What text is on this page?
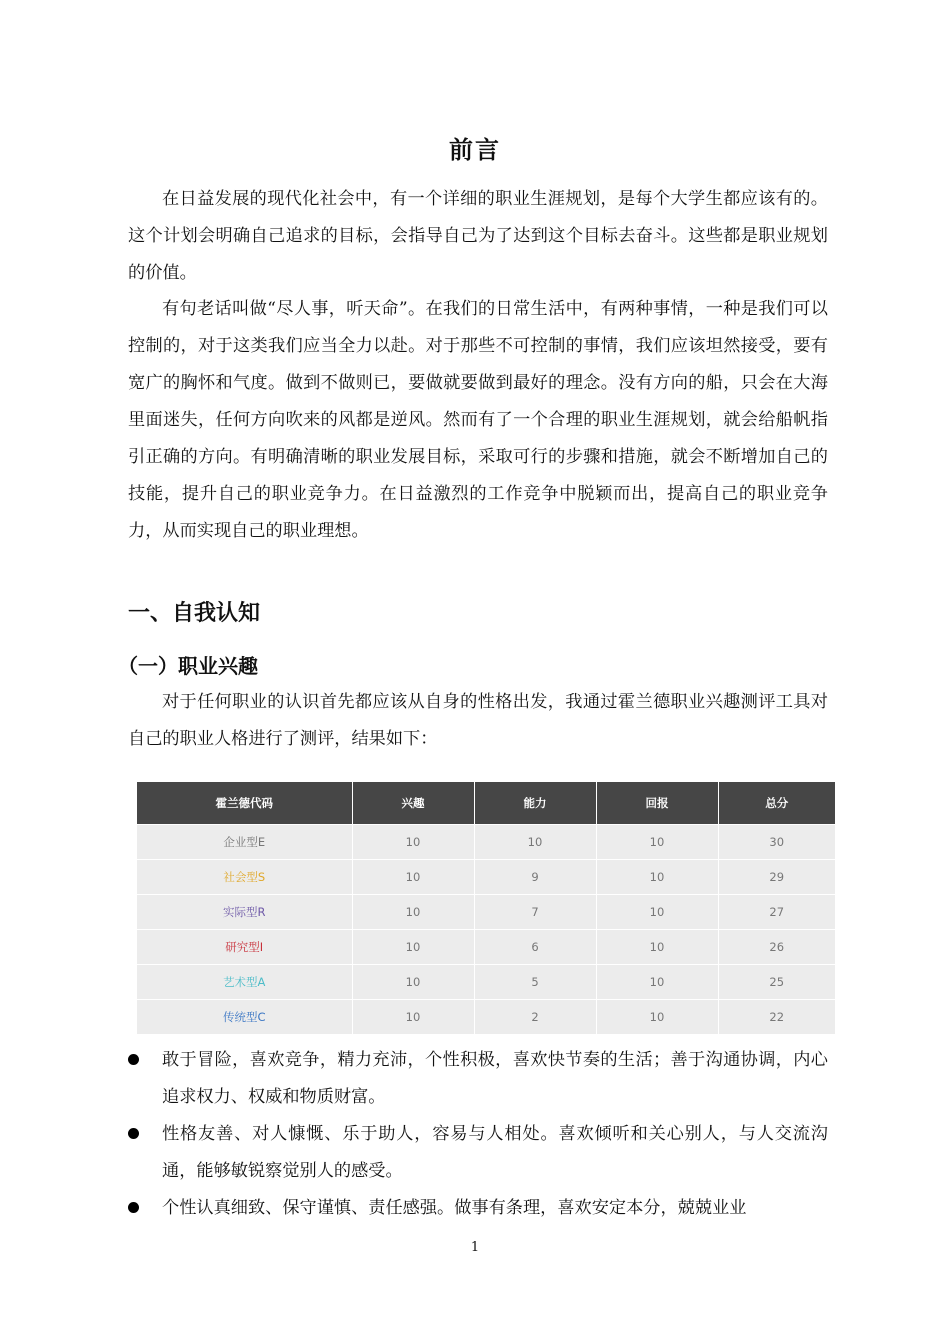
前言

在日益发展的现代化社会中，有一个详细的职业生涯规划，是每个大学生都应该有的。这个计划会明确自己追求的目标，会指导自己为了达到这个目标去奋斗。这些都是职业规划的价值。

有句老话叫做“尽人事，听天命”。在我们的日常生活中，有两种事情，一种是我们可以控制的，对于这类我们应当全力以赴。对于那些不可控制的事情，我们应该坦然接受，要有宽广的胸怀和气度。做到不做则已，要做就要做到最好的理念。没有方向的船，只会在大海里面迷失，任何方向吹来的风都是逆风。然而有了一个合理的职业生涯规划，就会给船帆指引正确的方向。有明确清晰的职业发展目标，采取可行的步骤和措施，就会不断增加自己的技能，提升自己的职业竞争力。在日益激烈的工作竞争中脱颖而出，提高自己的职业竞争力，从而实现自己的职业理想。

一、自我认知
（一）职业兴趣

对于任何职业的认识首先都应该从自身的性格出发，我通过霍兰德职业兴趣测评工具对自己的职业人格进行了测评，结果如下：

霍兰德代码	兴趣	能力	回报	总分
企业型E	10	10	10	30
社会型S	10	9	10	29
实际型R	10	7	10	27
研究型I	10	6	10	26
艺术型A	10	5	10	25
传统型C	10	2	10	22
敢于冒险，喜欢竞争，精力充沛，个性积极，喜欢快节奏的生活；善于沟通协调，内心追求权力、权威和物质财富。
性格友善、对人慷慨、乐于助人，容易与人相处。喜欢倾听和关心别人，与人交流沟通，能够敏锐察觉别人的感受。
个性认真细致、保守谨慎、责任感强。做事有条理，喜欢安定本分，兢兢业业
1
